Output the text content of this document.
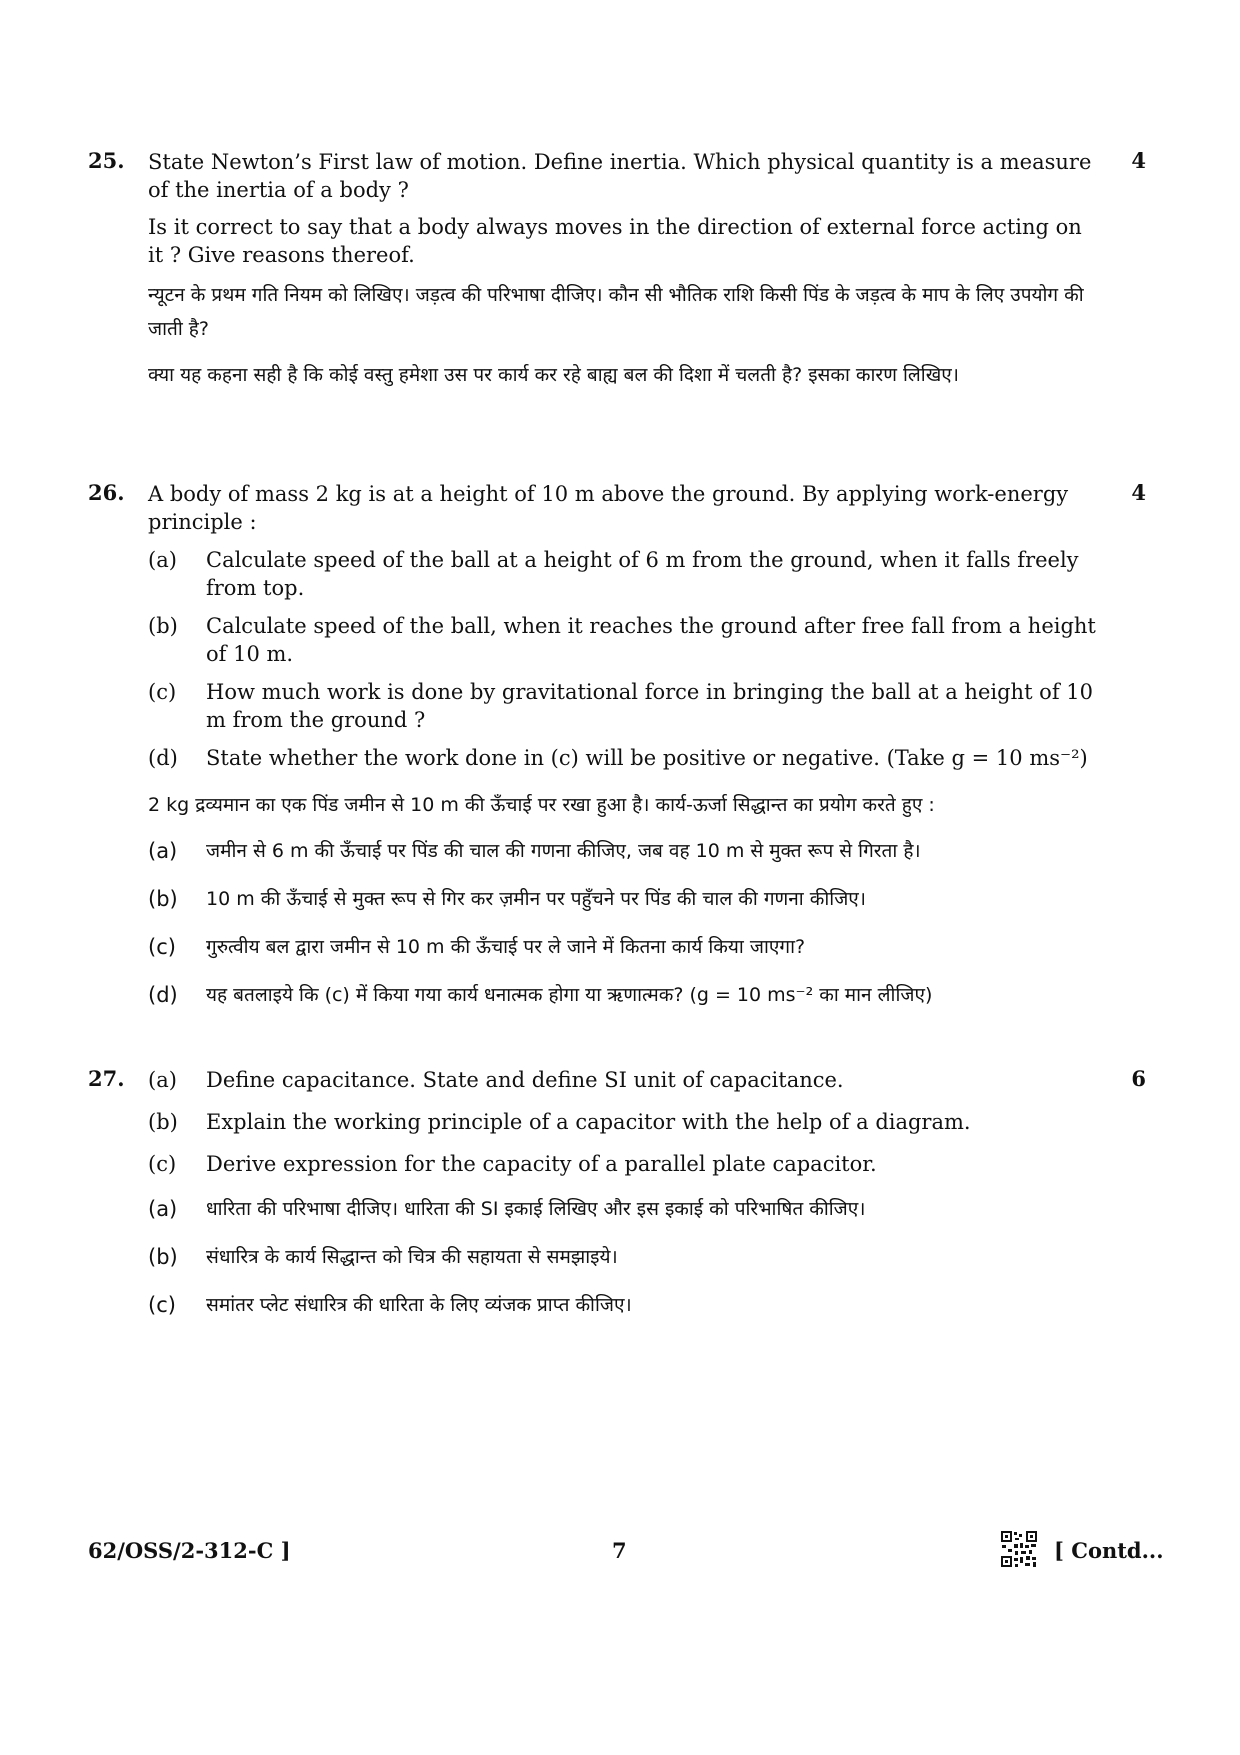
25.	4
State Newton’s First law of motion. Define inertia. Which physical quantity is a measure of the inertia of a body ?
Is it correct to say that a body always moves in the direction of external force acting on it ? Give reasons thereof.
न्यूटन के प्रथम गति नियम को लिखिए। जड़त्व की परिभाषा दीजिए। कौन सी भौतिक राशि किसी पिंड के जड़त्व के माप के लिए उपयोग की जाती है?
क्या यह कहना सही है कि कोई वस्तु हमेशा उस पर कार्य कर रहे बाह्य बल की दिशा में चलती है? इसका कारण लिखिए।
26.	4
A body of mass 2 kg is at a height of 10 m above the ground. By applying work-energy principle :
(a) Calculate speed of the ball at a height of 6 m from the ground, when it falls freely from top.
(b) Calculate speed of the ball, when it reaches the ground after free fall from a height of 10 m.
(c) How much work is done by gravitational force in bringing the ball at a height of 10 m from the ground ?
(d) State whether the work done in (c) will be positive or negative. (Take g = 10 ms⁻²)
2 kg द्रव्यमान का एक पिंड जमीन से 10 m की ऊँचाई पर रखा हुआ है। कार्य-ऊर्जा सिद्धान्त का प्रयोग करते हुए :
(a) जमीन से 6 m की ऊँचाई पर पिंड की चाल की गणना कीजिए, जब वह 10 m से मुक्त रूप से गिरता है।
(b) 10 m की ऊँचाई से मुक्त रूप से गिर कर ज़मीन पर पहुँचने पर पिंड की चाल की गणना कीजिए।
(c) गुरुत्वीय बल द्वारा जमीन से 10 m की ऊँचाई पर ले जाने में कितना कार्य किया जाएगा?
(d) यह बतलाइये कि (c) में किया गया कार्य धनात्मक होगा या ऋणात्मक? (g = 10 ms⁻² का मान लीजिए)
27.	6
(a) Define capacitance. State and define SI unit of capacitance.
(b) Explain the working principle of a capacitor with the help of a diagram.
(c) Derive expression for the capacity of a parallel plate capacitor.
(a) धारिता की परिभाषा दीजिए। धारिता की SI इकाई लिखिए और इस इकाई को परिभाषित कीजिए।
(b) संधारित्र के कार्य सिद्धान्त को चित्र की सहायता से समझाइये।
(c) समांतर प्लेट संधारित्र की धारिता के लिए व्यंजक प्राप्त कीजिए।
62/OSS/2-312-C ]	7	[ Contd...
